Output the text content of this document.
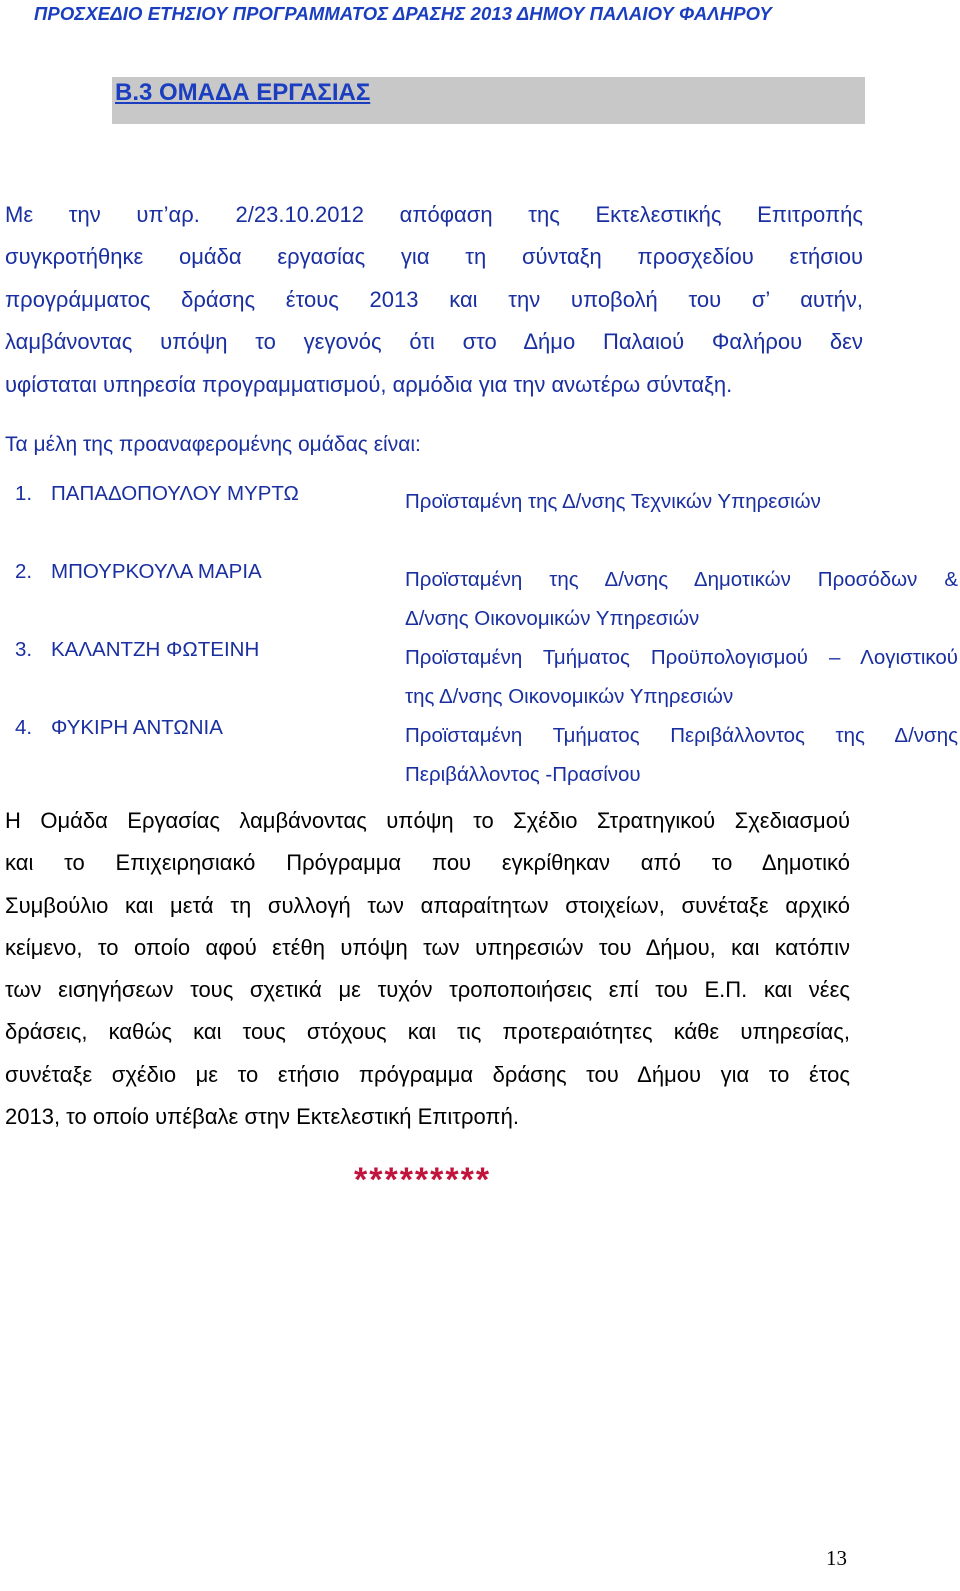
ΠΡΟΣΧΕΔΙΟ ΕΤΗΣΙΟΥ ΠΡΟΓΡΑΜΜΑΤΟΣ ΔΡΑΣΗΣ 2013 ΔΗΜΟΥ ΠΑΛΑΙΟΥ ΦΑΛΗΡΟΥ
Β.3 ΟΜΑΔΑ ΕΡΓΑΣΙΑΣ
Με την υπ’αρ. 2/23.10.2012 απόφαση της Εκτελεστικής Επιτροπής
συγκροτήθηκε ομάδα εργασίας για τη σύνταξη προσχεδίου ετήσιου
προγράμματος δράσης έτους 2013 και την υποβολή του σ’ αυτήν,
λαμβάνοντας υπόψη το γεγονός ότι στο Δήμο Παλαιού Φαλήρου δεν
υφίσταται υπηρεσία προγραμματισμού, αρμόδια για την ανωτέρω σύνταξη.
Τα μέλη της προαναφερομένης ομάδας είναι:
1. ΠΑΠΑΔΟΠΟΥΛΟΥ ΜΥΡΤΩ	Προϊσταμένη της Δ/νσης Τεχνικών Υπηρεσιών
2. ΜΠΟΥΡΚΟΥΛΑ ΜΑΡΙΑ	Προϊσταμένη της Δ/νσης Δημοτικών Προσόδων &
Δ/νσης Οικονομικών Υπηρεσιών
3. ΚΑΛΑΝΤΖΗ ΦΩΤΕΙΝΗ	Προϊσταμένη Τμήματος Προϋπολογισμού – Λογιστικού
της Δ/νσης Οικονομικών Υπηρεσιών
4. ΦΥΚΙΡΗ ΑΝΤΩΝΙΑ	Προϊσταμένη Τμήματος Περιβάλλοντος της Δ/νσης
Περιβάλλοντος -Πρασίνου
Η Ομάδα Εργασίας λαμβάνοντας υπόψη το Σχέδιο Στρατηγικού Σχεδιασμού
και το Επιχειρησιακό Πρόγραμμα που εγκρίθηκαν από το Δημοτικό
Συμβούλιο και μετά τη συλλογή των απαραίτητων στοιχείων, συνέταξε αρχικό
κείμενο, το οποίο αφού ετέθη υπόψη των υπηρεσιών του Δήμου, και κατόπιν
των εισηγήσεων τους σχετικά με τυχόν τροποποιήσεις επί του Ε.Π. και νέες
δράσεις, καθώς και τους στόχους και τις προτεραιότητες κάθε υπηρεσίας,
συνέταξε σχέδιο με το ετήσιο πρόγραμμα δράσης του Δήμου για το έτος
2013, το οποίο υπέβαλε στην Εκτελεστική Επιτροπή.
*********
13
